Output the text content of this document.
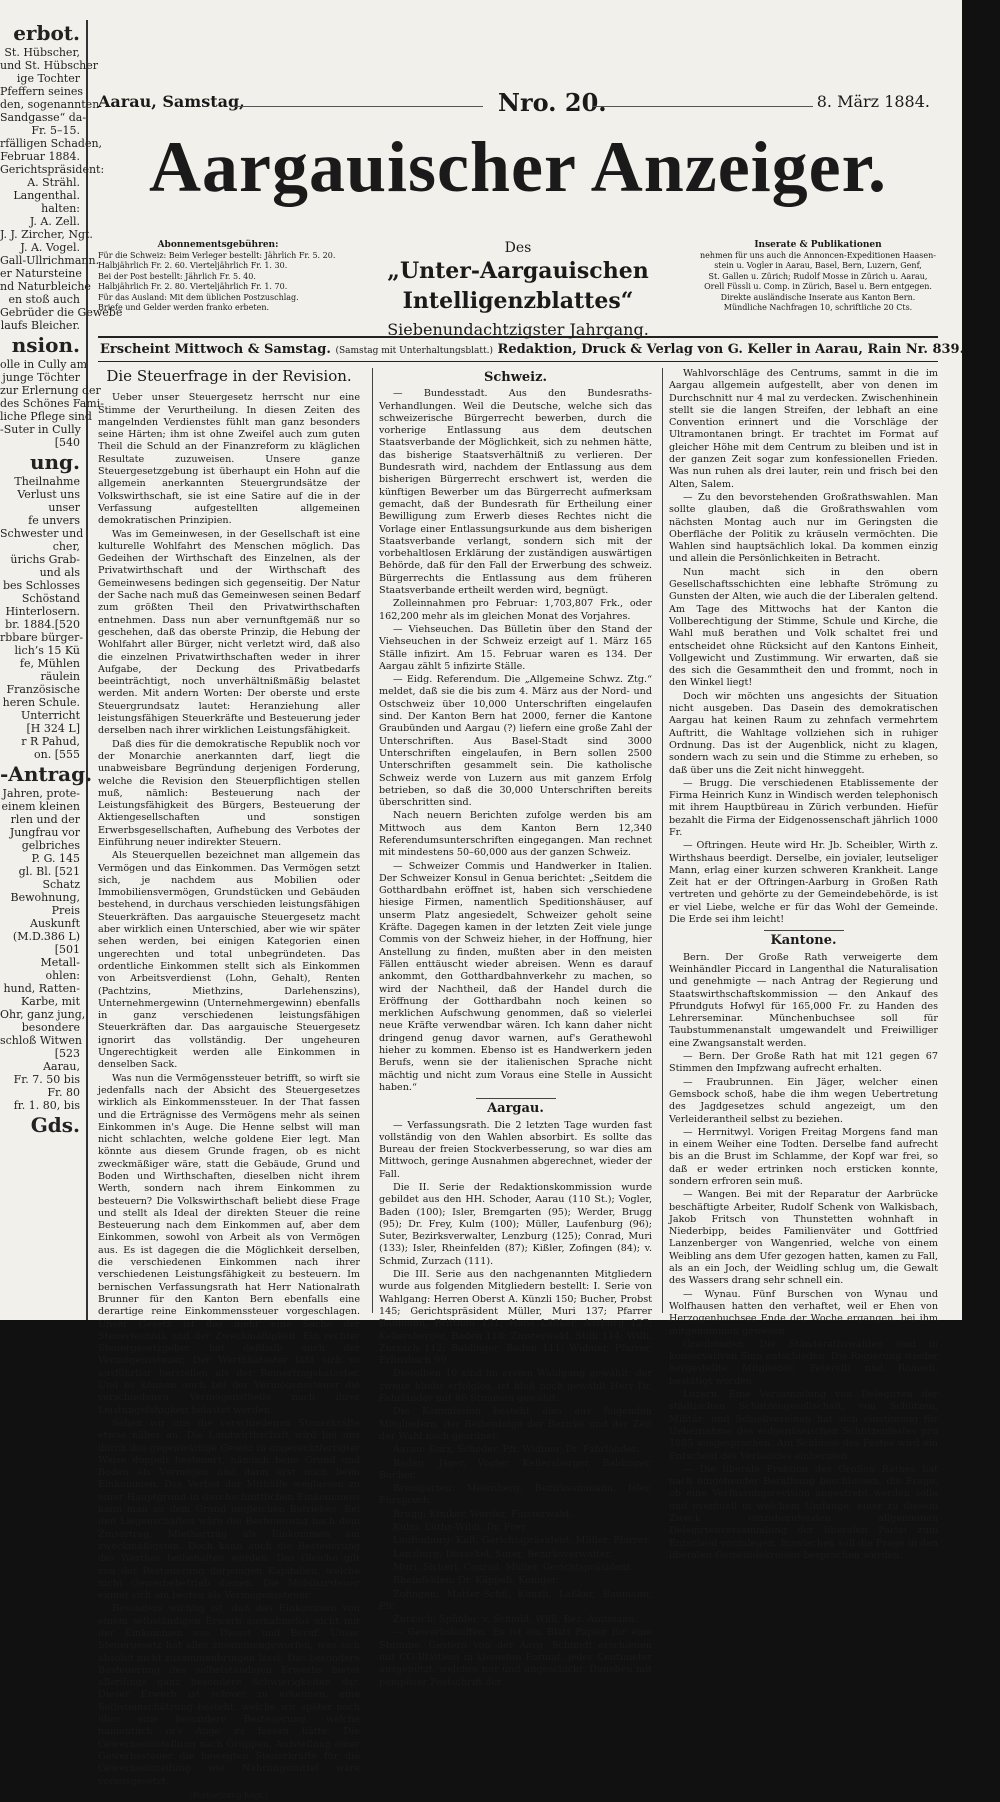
erbot.
St. Hübscher,
und St. Hübscher
ige Tochter
Pfeffern seines
den, sogenannten
Sandgasse“ da-
Fr. 5–15.
rfälligen Schaden,
Februar 1884.
Gerichtspräsident:
A. Strähl.
Langenthal.
halten:
J. A. Zell.
J. J. Zircher, Ngt.
J. A. Vogel.
Gall-Ullrichmann.
er Natursteine
nd Naturbleiche
en stoß auch
Gebrüder die Gewebe
laufs Bleicher.
nsion.
olle in Cully am
junge Töchter
zur Erlernung der
des Schönes Fami-
liche Pflege sind
-Suter in Cully
[540
ung.
Theilnahme
Verlust uns
unser
fe unvers
Schwester und
cher,
ürichs Grab-
und als
bes Schlosses
Schöstand
Hinterlosern.
br. 1884.[520
rbbare bürger-
lich’s 15 Kü
fe, Mühlen
räulein
Französische
heren Schule.
Unterricht
[H 324 L]
r R Pahud,
on. [555
-Antrag.
Jahren, prote-
einem kleinen
rlen und der
Jungfrau vor
gelbriches
P. G. 145
gl. Bl. [521
Schatz
Bewohnung,
Preis
Auskunft
(M.D.386 L)
[501
Metall-
ohlen:
hund, Ratten-
Karbe, mit
Ohr, ganz jung,
besondere
schloß Witwen
[523
Aarau,
Fr. 7. 50 bis
Fr. 80
fr. 1. 80, bis
Gds.
Aarau, Samstag,	Nro. 20.	8. März 1884.
Aargauischer Anzeiger.
Abonnementsgebühren:
Für die Schweiz: Beim Verleger bestellt: Jährlich Fr. 5. 20.
Halbjährlich Fr. 2. 60. Vierteljährlich Fr. 1. 30.
Bei der Post bestellt: Jährlich Fr. 5. 40.
Halbjährlich Fr. 2. 80. Vierteljährlich Fr. 1. 70.
Für das Ausland: Mit dem üblichen Postzuschlag.
Briefe und Gelder werden franko erbeten.
Des
„Unter-Aargauischen Intelligenzblattes“
Siebenundachtzigster Jahrgang.
Inserate & Publikationen
nehmen für uns auch die Annoncen-Expeditionen Haasen-
stein u. Vogler in Aarau, Basel, Bern, Luzern, Genf,
St. Gallen u. Zürich; Rudolf Mosse in Zürich u. Aarau,
Orell Füssli u. Comp. in Zürich, Basel u. Bern entgegen.
Direkte ausländische Inserate aus Kanton Bern.
Mündliche Nachfragen 10, schriftliche 20 Cts.
Erscheint Mittwoch & Samstag. (Samstag mit Unterhaltungsblatt.) Redaktion, Druck & Verlag von G. Keller in Aarau, Rain Nr. 839.
Die Steuerfrage in der Revision.

Ueber unser Steuergesetz herrscht nur eine Stimme der Verurtheilung. In diesen Zeiten des mangelnden Verdienstes fühlt man ganz besonders seine Härten; ihm ist ohne Zweifel auch zum guten Theil die Schuld an der Finanzreform zu kläglichen Resultate zuzuweisen. Unsere ganze Steuergesetzgebung ist überhaupt ein Hohn auf die allgemein anerkannten Steuergrundsätze der Volkswirthschaft, sie ist eine Satire auf die in der Verfassung aufgestellten allgemeinen demokratischen Prinzipien.

Was im Gemeinwesen, in der Gesellschaft ist eine kulturelle Wohlfahrt des Menschen möglich. Das Gedeihen der Wirthschaft des Einzelnen, als der Privatwirthschaft und der Wirthschaft des Gemeinwesens bedingen sich gegenseitig. Der Natur der Sache nach muß das Gemeinwesen seinen Bedarf zum größten Theil den Privatwirthschaften entnehmen. Dass nun aber vernunftgemäß nur so geschehen, daß das oberste Prinzip, die Hebung der Wohlfahrt aller Bürger, nicht verletzt wird, daß also die einzelnen Privatwirthschaften weder in ihrer Aufgabe, der Deckung des Privatbedarfs beeinträchtigt, noch unverhältnißmäßig belastet werden. Mit andern Worten: Der oberste und erste Steuergrundsatz lautet: Heranziehung aller leistungsfähigen Steuerkräfte und Besteuerung jeder derselben nach ihrer wirklichen Leistungsfähigkeit.

Daß dies für die demokratische Republik noch vor der Monarchie anerkannten darf, liegt die unabweisbare Begründung derjenigen Forderung, welche die Revision den Steuerpflichtigen stellen muß, nämlich: Besteuerung nach der Leistungsfähigkeit des Bürgers, Besteuerung der Aktiengesellschaften und sonstigen Erwerbsgesellschaften, Aufhebung des Verbotes der Einführung neuer indirekter Steuern.

Als Steuerquellen bezeichnet man allgemein das Vermögen und das Einkommen. Das Vermögen setzt sich, je nachdem aus Mobilien oder Immobiliensvermögen, Grundstücken und Gebäuden bestehend, in durchaus verschieden leistungsfähigen Steuerkräften. Das aargauische Steuergesetz macht aber wirklich einen Unterschied, aber wie wir später sehen werden, bei einigen Kategorien einen ungerechten und total unbegründeten. Das ordentliche Einkommen stellt sich als Einkommen von Arbeitsverdienst (Lohn, Gehalt), Renten (Pachtzins, Miethzins, Darlehenszins), Unternehmergewinn (Unternehmergewinn) ebenfalls in ganz verschiedenen leistungsfähigen Steuerkräften dar. Das aargauische Steuergesetz ignorirt das vollständig. Der ungeheuren Ungerechtigkeit werden alle Einkommen in denselben Sack.

Was nun die Vermögenssteuer betrifft, so wirft sie jedenfalls nach der Absicht des Steuergesetzes wirklich als Einkommenssteuer. In der That fassen und die Erträgnisse des Vermögens mehr als seinen Einkommen in's Auge. Die Henne selbst will man nicht schlachten, welche goldene Eier legt. Man könnte aus diesem Grunde fragen, ob es nicht zweckmäßiger wäre, statt die Gebäude, Grund und Boden und Wirthschaften, dieselben nicht ihrem Werth, sondern nach ihrem Einkommen zu besteuern? Die Volkswirthschaft beliebt diese Frage und stellt als Ideal der direkten Steuer die reine Besteuerung nach dem Einkommen auf, aber dem Einkommen, sowohl von Arbeit als von Vermögen aus. Es ist dagegen die die Möglichkeit derselben, die verschiedenen Einkommen nach ihrer verschiedenen Leistungsfähigkeit zu besteuern. Im bernischen Verfassungsrath hat Herr Nationalrath Brunner für den Kanton Bern ebenfalls eine derartige reine Einkommenssteuer vorgeschlagen. Unser Gesetz ist das mehr eine Sache der Steuertechnik und der Zweckmäßigkeit. Ein rechter Steuergesetzgeber hat deßhalb auch der Vermögenssteuer. Der Werthkataster läßt sich so ausführbar herstellen als der Reinertragskataster. Und es können auch bei der Vermögenssteuer die verschiedenen Vermögenstheile nach ihrer Leistungsfähigkeit belastet werden.

Sehen wir uns die verschiedenen Steuerkräfte etwas näher an. Die Landwirthschaft wird bei uns durch das gegenwärtige Gesetz in ungerechtfertigter Weise doppelt besteuert, nämlich beim Grund und Boden als Vermögen und dann erst noch beim Einkommen. Das Verbot der Mithülfe weglassen zu einer Hauptgrund in durchschnittlichen Einkommens kann man an dem Grund ungleichen Betriebes. Bei den Liegenschaften wäre die Besteuerung nach dem Zinsertrag, Miethertrag als Einkommen am zweckmäßigsten. Doch kann auch die Besteuerung des Werthes beibehalten werden. Das Gleiche gilt von der Besteuerung derjenigen Kapitalien, welche nicht Gewerbebetrieb dienen. Die Mobiliarsteuer eignet sich am besten als Vermögenssteuer.

Besonders wichtig ist, daß das Einkommen von einem selbständigen Erwerb ausnahmslos nicht mit der Einkommen aus Dienst und Beruf. Unser Steuergesetz hat alles zusammengeworfen, was sich absolut nicht zusammenbringen lässt. Das besondere Besteuerung des selbstständigen Erwerbs bietet allerdings ganz besondere Schwierigkeiten dar. Dieser Erwerb ist schwer zu erkennen, eine Selbsteinschätzung besteht, welche wir später noch über eine besondere Besteuerung, welche namentlich in's Auge zu fassen hätte: Die Gewerbeeinstellung nach Gruppen, Aufstellung einer Gewerbesteuer die bewegten Steuerkräfte für die Gewerbeeinteilung wie Nahrungsmittel wäre vorausgesetzt.

(Fortsetzung folgt.)
Schweiz.

— Bundesstadt. Aus den Bundesraths-Verhandlungen. Weil die Deutsche, welche sich das schweizerische Bürgerrecht bewerben, durch die vorherige Entlassung aus dem deutschen Staatsverbande der Möglichkeit, sich zu nehmen hätte, das bisherige Staatsverhältniß zu verlieren. Der Bundesrath wird, nachdem der Entlassung aus dem bisherigen Bürgerrecht erschwert ist, werden die künftigen Bewerber um das Bürgerrecht aufmerksam gemacht, daß der Bundesrath für Ertheilung einer Bewilligung zum Erwerb dieses Rechtes nicht die Vorlage einer Entlassungsurkunde aus dem bisherigen Staatsverbande verlangt, sondern sich mit der vorbehaltlosen Erklärung der zuständigen auswärtigen Behörde, daß für den Fall der Erwerbung des schweiz. Bürgerrechts die Entlassung aus dem früheren Staatsverbande ertheilt werden wird, begnügt.

Zolleinnahmen pro Februar: 1,703,807 Frk., oder 162,200 mehr als im gleichen Monat des Vorjahres.

— Viehseuchen. Das Bülletin über den Stand der Viehseuchen in der Schweiz erzeigt auf 1. März 165 Ställe infizirt. Am 15. Februar waren es 134. Der Aargau zählt 5 infizirte Ställe.

— Eidg. Referendum. Die „Allgemeine Schwz. Ztg.“ meldet, daß sie die bis zum 4. März aus der Nord- und Ostschweiz über 10,000 Unterschriften eingelaufen sind. Der Kanton Bern hat 2000, ferner die Kantone Graubünden und Aargau (?) liefern eine große Zahl der Unterschriften. Aus Basel-Stadt sind 3000 Unterschriften eingelaufen, in Bern sollen 2500 Unterschriften gesammelt sein. Die katholische Schweiz werde von Luzern aus mit ganzem Erfolg betrieben, so daß die 30,000 Unterschriften bereits überschritten sind.

Nach neuern Berichten zufolge werden bis am Mittwoch aus dem Kanton Bern 12,340 Referendumsunterschriften eingegangen. Man rechnet mit mindestens 50–60,000 aus der ganzen Schweiz.

— Schweizer Commis und Handwerker in Italien. Der Schweizer Konsul in Genua berichtet: „Seitdem die Gotthardbahn eröffnet ist, haben sich verschiedene hiesige Firmen, namentlich Speditionshäuser, auf unserm Platz angesiedelt, Schweizer geholt seine Kräfte. Dagegen kamen in der letzten Zeit viele junge Commis von der Schweiz hieher, in der Hoffnung, hier Anstellung zu finden, mußten aber in den meisten Fällen enttäuscht wieder abreisen. Wenn es darauf ankommt, den Gotthardbahnverkehr zu machen, so wird der Nachtheil, daß der Handel durch die Eröffnung der Gotthardbahn noch keinen so merklichen Aufschwung genommen, daß so vielerlei neue Kräfte verwendbar wären. Ich kann daher nicht dringend genug davor warnen, auf's Gerathewohl hieher zu kommen. Ebenso ist es Handwerkern jeden Berufs, wenn sie der italienischen Sprache nicht mächtig und nicht zum Voraus eine Stelle in Aussicht haben.“

Aargau.

— Verfassungsrath. Die 2 letzten Tage wurden fast vollständig von den Wahlen absorbirt. Es sollte das Bureau der freien Stockverbesserung, so war dies am Mittwoch, geringe Ausnahmen abgerechnet, wieder der Fall.

Die II. Serie der Redaktionskommission wurde gebildet aus den HH. Schoder, Aarau (110 St.); Vogler, Baden (100); Isler, Bremgarten (95); Werder, Brugg (95); Dr. Frey, Kulm (100); Müller, Laufenburg (96); Suter, Bezirksverwalter, Lenzburg (125); Conrad, Muri (133); Isler, Rheinfelden (87); Kißler, Zofingen (84); v. Schmid, Zurzach (111).

Die III. Serie aus den nachgenannten Mitgliedern wurde aus folgenden Mitgliedern bestellt: I. Serie von Wahlgang: Herren Oberst A. Künzli 150; Bucher, Probst 145; Gerichtspräsident Müller, Muri 137; Pfarrer Baumann, Brittnau 131; Hans Läßker, Aarburg 127; Kellersberger, Baden 118; Zinsterwald, Stilli 114; Willi, Zurzach 112; Baldinger, Baden 111; Widmer, Pfarrer, Erlinsbach 99.

Dieselben 10 sind im ersten Wahlgang gewählt; der zweite bliebs erfolglos, ist bloß noch gewählt Herr Dr. Fahrländer mit 86 Stimmen gewählt.

Die Kommission besteht also aus folgenden Mitgliedern, der Reihenfolge der Bezirke und der Zeit der Wahl nach geordnet:

Aarau: Kurz, Schoder, Pfr. Widmer, Dr. Fahrländer.

Baden: Jäger, Vogler, Kellersberger, Baldinger, Bucher.

Bremgarten: Meienberg, Bezirksammann, Isler, Fürsprech.

Brugg: Kiniker, Werder, Finsterwald.

Kulm: Lüthy-Wildi, Dr. Frey.

Laufenburg: Kalt, Gerichtspräsident, Müller, Pfarrer.

Lenzburg: Dössekel, Suter, Bezirksverwalter.

Muri: Sicherl, Conrad, Müller, Gerichtspräsident.

Rheinfelden: Dr. Käppeli, Koniger.

Zofingen: Matter-Schil, Künzli, Läßker, Baumann, Pfr.

Zurzach: Spühler, v. Schmid, Willi, Bez.-Amtmann.

— Gewerbslauffen. Es ist ein Blatt Papier für eine Stumme. Gestern von der Aarg. Schmidt erschienen mit CO-Blättlein in kleinsten Format, jeder Centimeter ausgenützt, welches nur und ungeschickt. Daneben mit pompöser Festschrift der

Wahlvorschläge des Centrums, sammt in die im Aargau allgemein aufgestellt, aber von denen im Durchschnitt nur 4 mal zu verdecken. Zwischenhinein stellt sie die langen Streifen, der lebhaft an eine Convention erinnert und die Vorschläge der Ultramontanen bringt. Er trachtet im Format auf gleicher Höhe mit dem Centrum zu bleiben und ist in der ganzen Zeit sogar zum konfessionellen Frieden. Was nun ruhen als drei lauter, rein und frisch bei den Alten, Salem.

— Zu den bevorstehenden Großrathswahlen. Man sollte glauben, daß die Großrathswahlen vom nächsten Montag auch nur im Geringsten die Oberfläche der Politik zu kräuseln vermöchten. Die Wahlen sind hauptsächlich lokal. Da kommen einzig und allein die Persönlichkeiten in Betracht.

Nun macht sich in den obern Gesellschaftsschichten eine lebhafte Strömung zu Gunsten der Alten, wie auch die der Liberalen geltend. Am Tage des Mittwochs hat der Kanton die Vollberechtigung der Stimme, Schule und Kirche, die Wahl muß berathen und Volk schaltet frei und entscheidet ohne Rücksicht auf den Kantons Einheit, Vollgewicht und Zustimmung. Wir erwarten, daß sie des sich die Gesammtheit den und frommt, noch in den Winkel liegt!

Doch wir möchten uns angesichts der Situation nicht ausgeben. Das Dasein des demokratischen Aargau hat keinen Raum zu zehnfach vermehrtem Auftritt, die Wahltage vollziehen sich in ruhiger Ordnung. Das ist der Augenblick, nicht zu klagen, sondern wach zu sein und die Stimme zu erheben, so daß über uns die Zeit nicht hinweggeht.

— Brugg. Die verschiedenen Etablissemente der Firma Heinrich Kunz in Windisch werden telephonisch mit ihrem Hauptbüreau in Zürich verbunden. Hiefür bezahlt die Firma der Eidgenossenschaft jährlich 1000 Fr.

— Oftringen. Heute wird Hr. Jb. Scheibler, Wirth z. Wirthshaus beerdigt. Derselbe, ein jovialer, leutseliger Mann, erlag einer kurzen schweren Krankheit. Lange Zeit hat er der Oftringen-Aarburg in Großen Rath vertreten und gehörte zu der Gemeindebehörde, is ist er viel Liebe, welche er für das Wohl der Gemeinde. Die Erde sei ihm leicht!

Kantone.

Bern. Der Große Rath verweigerte dem Weinhändler Piccard in Langenthal die Naturalisation und genehmigte — nach Antrag der Regierung und Staatswirthschaftskommission — den Ankauf des Pfrundguts Hofwyl für 165,000 Fr. zu Handen des Lehrerseminar. Münchenbuchsee soll für Taubstummenanstalt umgewandelt und Freiwilliger eine Zwangsanstalt werden.

— Bern. Der Große Rath hat mit 121 gegen 67 Stimmen den Impfzwang aufrecht erhalten.

— Fraubrunnen. Ein Jäger, welcher einen Gemsbock schoß, habe die ihm wegen Uebertretung des Jagdgesetzes schuld angezeigt, um den Verleiderantheil selbst zu beziehen.

— Herrnitwyl. Vorigen Freitag Morgens fand man in einem Weiher eine Todten. Derselbe fand aufrecht bis an die Brust im Schlamme, der Kopf war frei, so daß er weder ertrinken noch ersticken konnte, sondern erfroren sein muß.

— Wangen. Bei mit der Reparatur der Aarbrücke beschäftigte Arbeiter, Rudolf Schenk von Walkisbach, Jakob Fritsch von Thunstetten wohnhaft in Niederbipp, beides Familienväter und Gottfried Lanzenberger von Wangenried, welche von einem Weibling ans dem Ufer gezogen hatten, kamen zu Fall, als an ein Joch, der Weidling schlug um, die Gewalt des Wassers drang sehr schnell ein.

— Wynau. Fünf Burschen von Wynau und Wolfhausen hatten den verhaftet, weil er Ehen von Herzogenbuchsee Ende der Woche ergangen, bei ihm mitgenommen gewesen.

Graubünden. Die Ständerathswahlen sind in konservativen Sinn entschieden. Die Regierung wieder hergestellte Mitglieder, Peterelli und Romedi, bestätigt worden.

Luzern. Eine Versammlung von Delegirten der städtischen Schützengesellschaft, von Schützen, Militär- und Schießvereinen hat sich einstimmig für Uebernahme des eidgenössischen Schützenfestes pro 1885 ausgesprochen. Am Schlusse des Festes wird ein Entscheid des Verbandes einberufen.

— Die liberale Fraktion des Großen Rathes hat nach eingehender Berathung beschlossen, die Frage, ob eine Verfassungsrevision angestrebt werden solle und eventuell in welchem Umfange, einer zu diesem Zweck einzuberufenden allgemeinen Delegirtenversammlung der liberalen Partei zum Entscheid vorzulegen. Inzwischen soll die Frage in den liberalen Gemeindekreisen besprochen werden.
